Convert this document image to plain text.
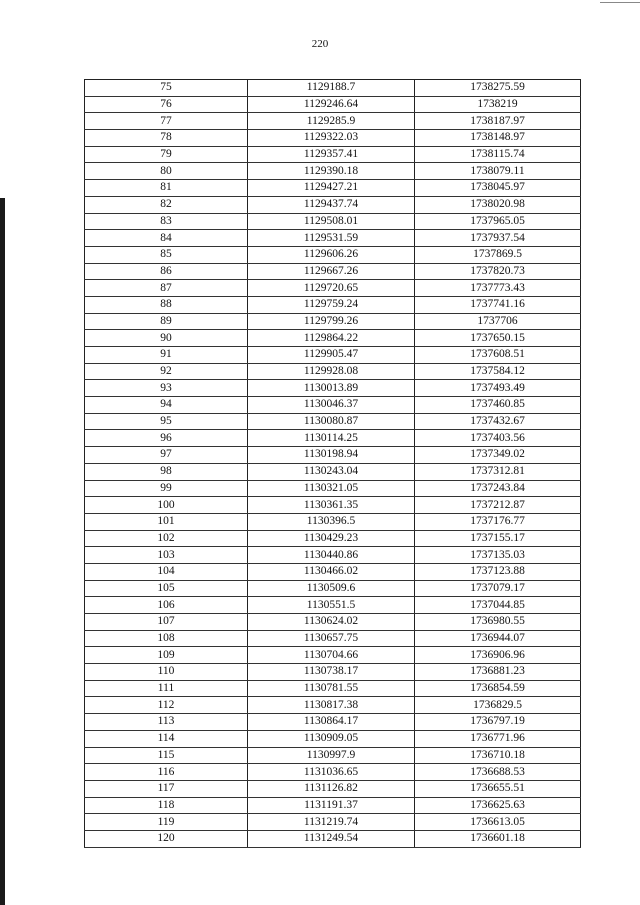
220
75	1129188.7	1738275.59
76	1129246.64	1738219
77	1129285.9	1738187.97
78	1129322.03	1738148.97
79	1129357.41	1738115.74
80	1129390.18	1738079.11
81	1129427.21	1738045.97
82	1129437.74	1738020.98
83	1129508.01	1737965.05
84	1129531.59	1737937.54
85	1129606.26	1737869.5
86	1129667.26	1737820.73
87	1129720.65	1737773.43
88	1129759.24	1737741.16
89	1129799.26	1737706
90	1129864.22	1737650.15
91	1129905.47	1737608.51
92	1129928.08	1737584.12
93	1130013.89	1737493.49
94	1130046.37	1737460.85
95	1130080.87	1737432.67
96	1130114.25	1737403.56
97	1130198.94	1737349.02
98	1130243.04	1737312.81
99	1130321.05	1737243.84
100	1130361.35	1737212.87
101	1130396.5	1737176.77
102	1130429.23	1737155.17
103	1130440.86	1737135.03
104	1130466.02	1737123.88
105	1130509.6	1737079.17
106	1130551.5	1737044.85
107	1130624.02	1736980.55
108	1130657.75	1736944.07
109	1130704.66	1736906.96
110	1130738.17	1736881.23
111	1130781.55	1736854.59
112	1130817.38	1736829.5
113	1130864.17	1736797.19
114	1130909.05	1736771.96
115	1130997.9	1736710.18
116	1131036.65	1736688.53
117	1131126.82	1736655.51
118	1131191.37	1736625.63
119	1131219.74	1736613.05
120	1131249.54	1736601.18
